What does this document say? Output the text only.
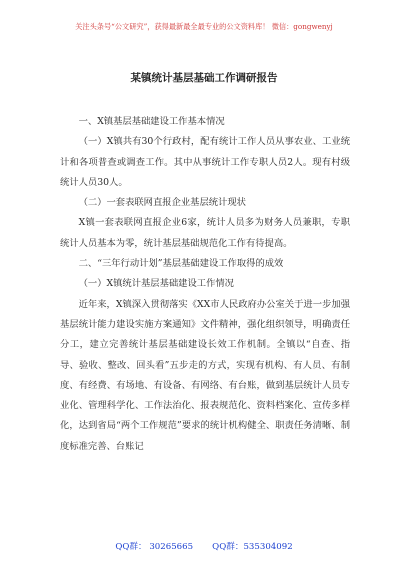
关注头条号“公文研究”，获得最新最全最专业的公文资料库！ 微信：gongwenyj
某镇统计基层基础工作调研报告

一、X镇基层基础建设工作基本情况

（一）X镇共有30个行政村，配有统计工作人员从事农业、工业统计和各项普查或调查工作。其中从事统计工作专职人员2人。现有村级统计人员30人。

（二）一套表联网直报企业基层统计现状

X镇一套表联网直报企业6家，统计人员多为财务人员兼职，专职统计人员基本为零，统计基层基础规范化工作有待提高。

二、“三年行动计划”基层基础建设工作取得的成效

（一）X镇统计基层基础建设工作情况

近年来，X镇深入贯彻落实《XX市人民政府办公室关于进一步加强基层统计能力建设实施方案通知》文件精神，强化组织领导，明确责任分工，建立完善统计基层基础建设长效工作机制。全镇以“自查、指导、验收、整改、回头看”五步走的方式，实现有机构、有人员、有制度、有经费、有场地、有设备、有网络、有台账，做到基层统计人员专业化、管理科学化、工作法治化、报表规范化、资料档案化、宣传多样化，达到省局“两个工作规范”要求的统计机构健全、职责任务清晰、制度标准完善、台账记

QQ群： 30265665       QQ群：535304092
